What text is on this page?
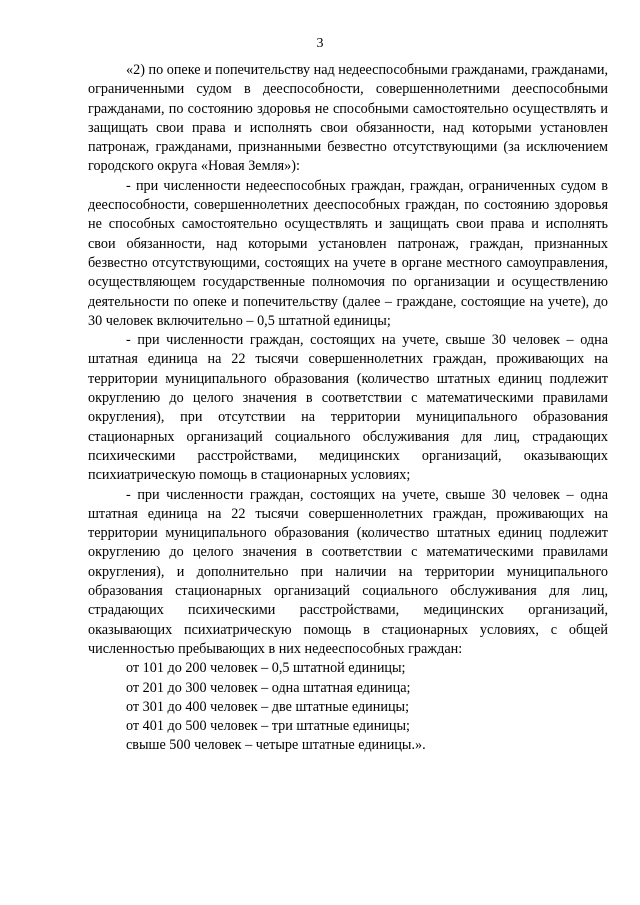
3

«2) по опеке и попечительству над недееспособными гражданами, гражданами, ограниченными судом в дееспособности, совершеннолетними дееспособными гражданами, по состоянию здоровья не способными самостоятельно осуществлять и защищать свои права и исполнять свои обязанности, над которыми установлен патронаж, гражданами, признанными безвестно отсутствующими (за исключением городского округа «Новая Земля»):

- при численности недееспособных граждан, граждан, ограниченных судом в дееспособности, совершеннолетних дееспособных граждан, по состоянию здоровья не способных самостоятельно осуществлять и защищать свои права и исполнять свои обязанности, над которыми установлен патронаж, граждан, признанных безвестно отсутствующими, состоящих на учете в органе местного самоуправления, осуществляющем государственные полномочия по организации и осуществлению деятельности по опеке и попечительству (далее – граждане, состоящие на учете), до 30 человек включительно – 0,5 штатной единицы;

- при численности граждан, состоящих на учете, свыше 30 человек – одна штатная единица на 22 тысячи совершеннолетних граждан, проживающих на территории муниципального образования (количество штатных единиц подлежит округлению до целого значения в соответствии с математическими правилами округления), при отсутствии на территории муниципального образования стационарных организаций социального обслуживания для лиц, страдающих психическими расстройствами, медицинских организаций, оказывающих психиатрическую помощь в стационарных условиях;

- при численности граждан, состоящих на учете, свыше 30 человек – одна штатная единица на 22 тысячи совершеннолетних граждан, проживающих на территории муниципального образования (количество штатных единиц подлежит округлению до целого значения в соответствии с математическими правилами округления), и дополнительно при наличии на территории муниципального образования стационарных организаций социального обслуживания для лиц, страдающих психическими расстройствами, медицинских организаций, оказывающих психиатрическую помощь в стационарных условиях, с общей численностью пребывающих в них недееспособных граждан:

от 101 до 200 человек – 0,5 штатной единицы;
от 201 до 300 человек – одна штатная единица;
от 301 до 400 человек – две штатные единицы;
от 401 до 500 человек – три штатные единицы;
свыше 500 человек – четыре штатные единицы.».
